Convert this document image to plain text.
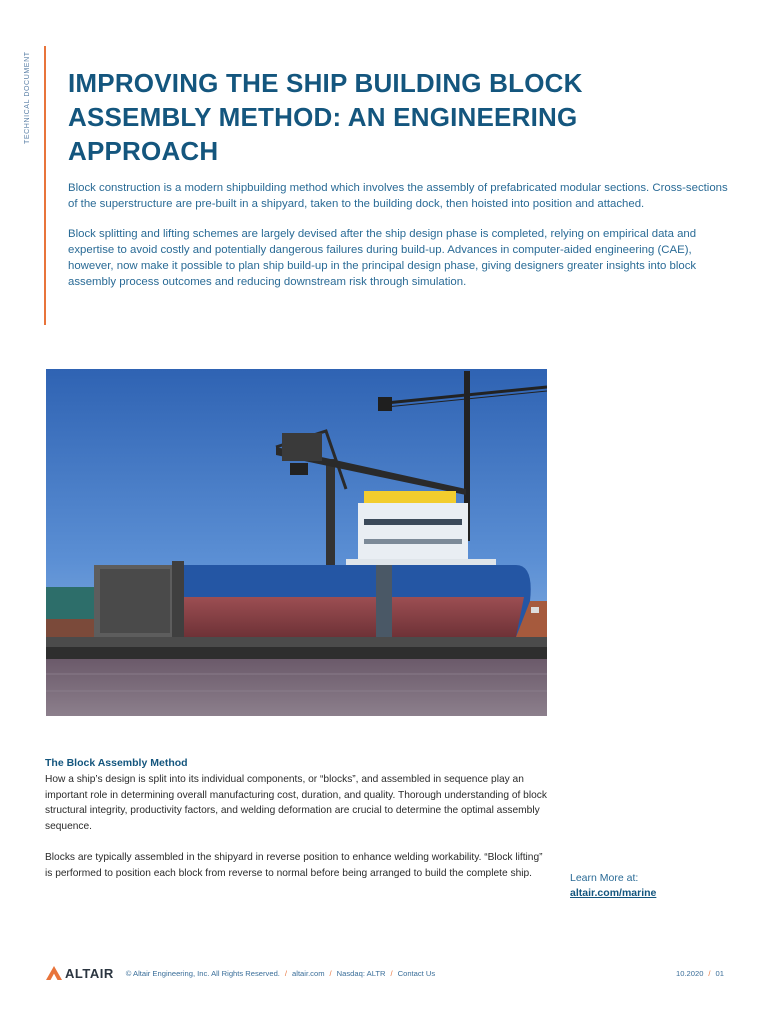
TECHNICAL DOCUMENT IMPROVING THE SHIP BUILDING BLOCK ASSEMBLY METHOD: AN ENGINEERING APPROACH

Block construction is a modern shipbuilding method which involves the assembly of prefabricated modular sections. Cross-sections of the superstructure are pre-built in a shipyard, taken to the building dock, then hoisted into position and attached.

Block splitting and lifting schemes are largely devised after the ship design phase is completed, relying on empirical data and expertise to avoid costly and potentially dangerous failures during build-up. Advances in computer-aided engineering (CAE), however, now make it possible to plan ship build-up in the principal design phase, giving designers greater insights into block assembly process outcomes and reducing downstream risk through simulation.

The Block Assembly Method

How a ship’s design is split into its individual components, or “blocks”, and assembled in sequence play an important role in determining overall manufacturing cost, duration, and quality. Thorough understanding of block structural integrity, productivity factors, and welding deformation are crucial to determine the optimal assembly sequence.

Blocks are typically assembled in the shipyard in reverse position to enhance welding workability. “Block lifting” is performed to position each block from reverse to normal before being arranged to build the complete ship.	Learn More at:
altair.com/marine
ALTAIR © Altair Engineering, Inc. All Rights Reserved. / altair.com / Nasdaq: ALTR / Contact Us	10.2020 / 01
